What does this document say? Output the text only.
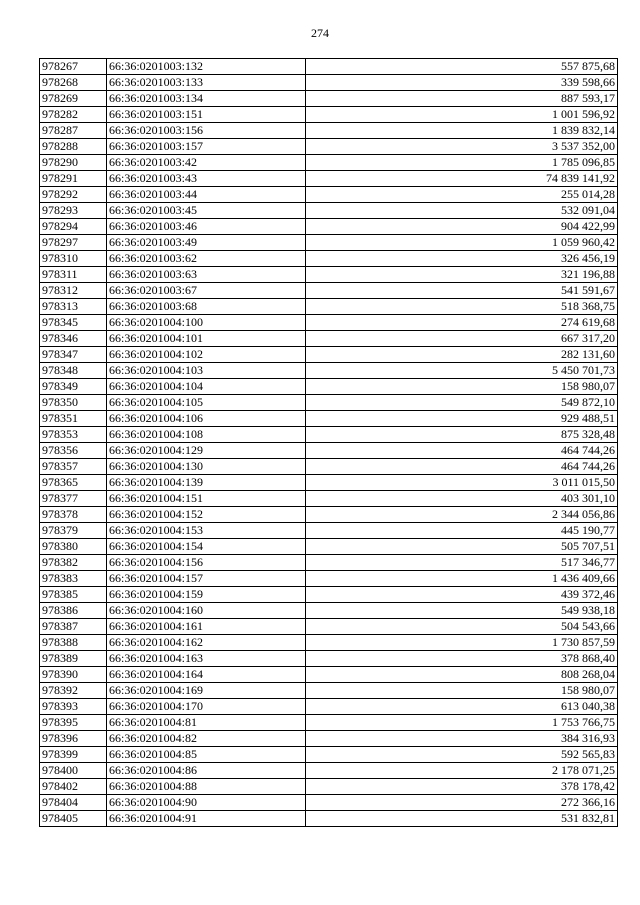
274
978267	66:36:0201003:132	557 875,68
978268	66:36:0201003:133	339 598,66
978269	66:36:0201003:134	887 593,17
978282	66:36:0201003:151	1 001 596,92
978287	66:36:0201003:156	1 839 832,14
978288	66:36:0201003:157	3 537 352,00
978290	66:36:0201003:42	1 785 096,85
978291	66:36:0201003:43	74 839 141,92
978292	66:36:0201003:44	255 014,28
978293	66:36:0201003:45	532 091,04
978294	66:36:0201003:46	904 422,99
978297	66:36:0201003:49	1 059 960,42
978310	66:36:0201003:62	326 456,19
978311	66:36:0201003:63	321 196,88
978312	66:36:0201003:67	541 591,67
978313	66:36:0201003:68	518 368,75
978345	66:36:0201004:100	274 619,68
978346	66:36:0201004:101	667 317,20
978347	66:36:0201004:102	282 131,60
978348	66:36:0201004:103	5 450 701,73
978349	66:36:0201004:104	158 980,07
978350	66:36:0201004:105	549 872,10
978351	66:36:0201004:106	929 488,51
978353	66:36:0201004:108	875 328,48
978356	66:36:0201004:129	464 744,26
978357	66:36:0201004:130	464 744,26
978365	66:36:0201004:139	3 011 015,50
978377	66:36:0201004:151	403 301,10
978378	66:36:0201004:152	2 344 056,86
978379	66:36:0201004:153	445 190,77
978380	66:36:0201004:154	505 707,51
978382	66:36:0201004:156	517 346,77
978383	66:36:0201004:157	1 436 409,66
978385	66:36:0201004:159	439 372,46
978386	66:36:0201004:160	549 938,18
978387	66:36:0201004:161	504 543,66
978388	66:36:0201004:162	1 730 857,59
978389	66:36:0201004:163	378 868,40
978390	66:36:0201004:164	808 268,04
978392	66:36:0201004:169	158 980,07
978393	66:36:0201004:170	613 040,38
978395	66:36:0201004:81	1 753 766,75
978396	66:36:0201004:82	384 316,93
978399	66:36:0201004:85	592 565,83
978400	66:36:0201004:86	2 178 071,25
978402	66:36:0201004:88	378 178,42
978404	66:36:0201004:90	272 366,16
978405	66:36:0201004:91	531 832,81
